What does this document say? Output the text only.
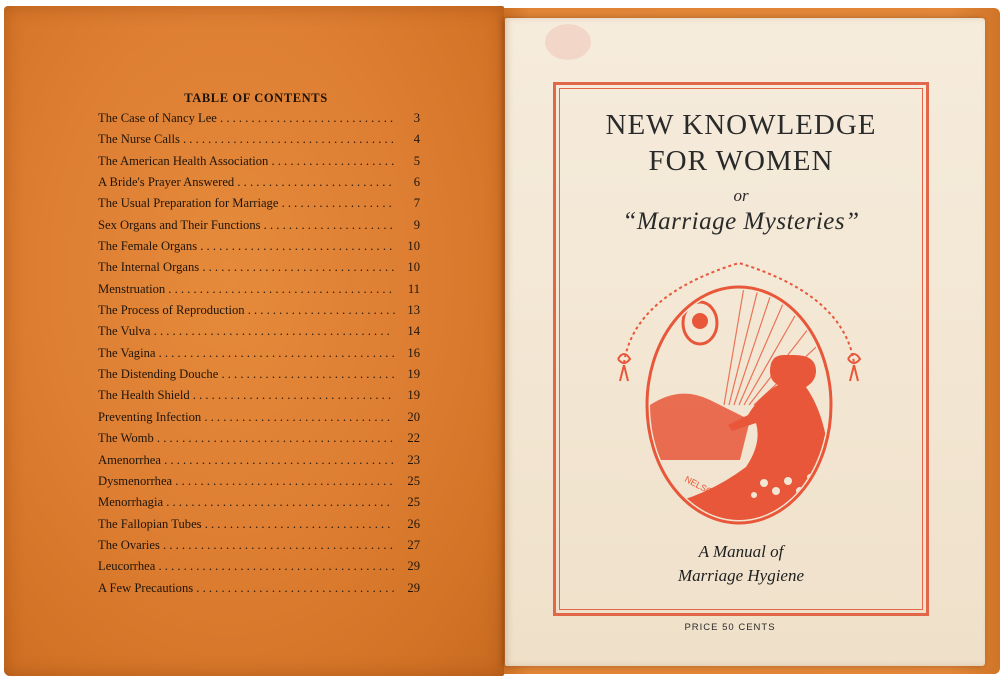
TABLE OF CONTENTS
The Case of Nancy Lee . . . . . . . . . . . . . . . . . . . . . . . . . . . .	3
The Nurse Calls . . . . . . . . . . . . . . . . . . . . . . . . . . . . . . . . . .	4
The American Health Association . . . . . . . . . . . . . . . . . . . .	5
A Bride's Prayer Answered . . . . . . . . . . . . . . . . . . . . . . . . .	6
The Usual Preparation for Marriage . . . . . . . . . . . . . . . . . .	7
Sex Organs and Their Functions . . . . . . . . . . . . . . . . . . . . .	9
The Female Organs . . . . . . . . . . . . . . . . . . . . . . . . . . . . . . .	10
The Internal Organs . . . . . . . . . . . . . . . . . . . . . . . . . . . . . . .	10
Menstruation . . . . . . . . . . . . . . . . . . . . . . . . . . . . . . . . . . . .	11
The Process of Reproduction . . . . . . . . . . . . . . . . . . . . . . . . 13
The Vulva . . . . . . . . . . . . . . . . . . . . . . . . . . . . . . . . . . . . . .	14
The Vagina . . . . . . . . . . . . . . . . . . . . . . . . . . . . . . . . . . . . . .	16
The Distending Douche . . . . . . . . . . . . . . . . . . . . . . . . . . . .	19
The Health Shield . . . . . . . . . . . . . . . . . . . . . . . . . . . . . . . .	19
Preventing Infection . . . . . . . . . . . . . . . . . . . . . . . . . . . . . .	20
The Womb . . . . . . . . . . . . . . . . . . . . . . . . . . . . . . . . . . . . . .	22
Amenorrhea . . . . . . . . . . . . . . . . . . . . . . . . . . . . . . . . . . . . .	23
Dysmenorrhea . . . . . . . . . . . . . . . . . . . . . . . . . . . . . . . . . . .	25
Menorrhagia . . . . . . . . . . . . . . . . . . . . . . . . . . . . . . . . . . . .	25
The Fallopian Tubes . . . . . . . . . . . . . . . . . . . . . . . . . . . . . .	26
The Ovaries . . . . . . . . . . . . . . . . . . . . . . . . . . . . . . . . . . . . .	27
Leucorrhea . . . . . . . . . . . . . . . . . . . . . . . . . . . . . . . . . . . . . .	29
A Few Precautions . . . . . . . . . . . . . . . . . . . . . . . . . . . . . . . .	29
NEW KNOWLEDGE
FOR WOMEN
or
“Marriage Mysteries”
NELSON WHITE
A Manual of
Marriage Hygiene
PRICE 50 CENTS
